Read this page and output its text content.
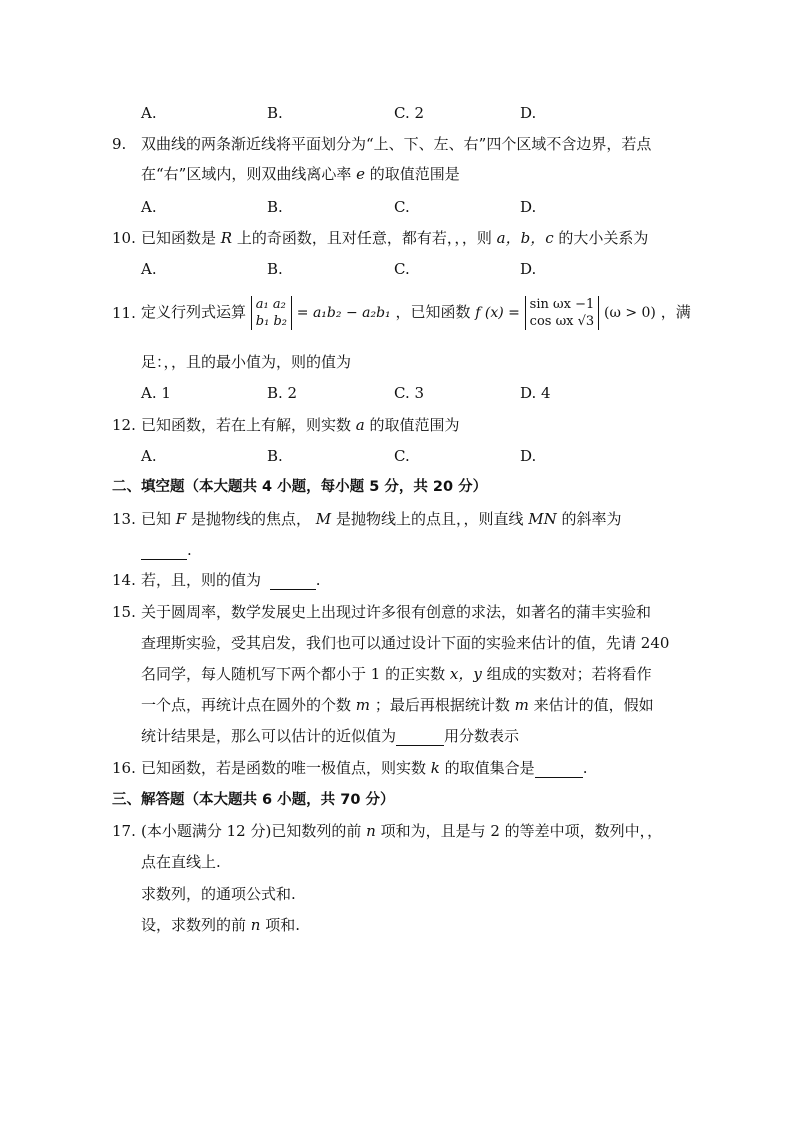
A.	B.	C. 2	D.
9. 双曲线的两条渐近线将平面划分为“上、下、左、右”四个区域不含边界，若点
在“右”区域内，则双曲线离心率 e 的取值范围是
A.	B.	C.	D.
10. 已知函数是 R 上的奇函数，且对任意，都有若，，，则 a，b，c 的大小关系为
A.	B.	C.	D.
11. 定义行列式运算 a₁ a₂
b₁ b₂
= a₁b₂ − a₂b₁ ，已知函数 f (x) =
sin ωx −1
cos ωx √3
(ω > 0) ，满
足：，，且的最小值为，则的值为
A. 1	B. 2	C. 3	D. 4
12. 已知函数，若在上有解，则实数 a 的取值范围为
A.	B.	C.	D.
二、填空题（本大题共 4 小题，每小题 5 分，共 20 分）
13. 已知 F 是抛物线的焦点， M 是抛物线上的点且，，则直线 MN 的斜率为
.
14. 若，且，则的值为	.
15. 关于圆周率，数学发展史上出现过许多很有创意的求法，如著名的蒲丰实验和
查理斯实验，受其启发，我们也可以通过设计下面的实验来估计的值，先请 240
名同学，每人随机写下两个都小于 1 的正实数 x，y 组成的实数对；若将看作
一个点，再统计点在圆外的个数 m ；最后再根据统计数 m 来估计的值，假如
统计结果是，那么可以估计的近似值为	用分数表示
16. 已知函数，若是函数的唯一极值点，则实数 k 的取值集合是	.
三、解答题（本大题共 6 小题，共 70 分）
17. (本小题满分 12 分)已知数列的前 n 项和为，且是与 2 的等差中项，数列中，，
点在直线上.
求数列，的通项公式和.
设，求数列的前 n 项和.
